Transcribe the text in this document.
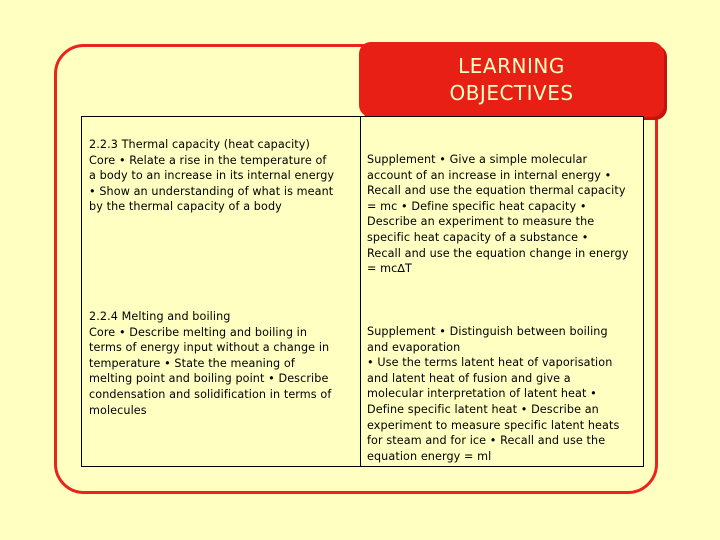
LEARNING
OBJECTIVES
2.2.3 Thermal capacity (heat capacity)
Core • Relate a rise in the temperature of
a body to an increase in its internal energy
• Show an understanding of what is meant
by the thermal capacity of a body
Supplement • Give a simple molecular
account of an increase in internal energy •
Recall and use the equation thermal capacity
= mc • Define specific heat capacity •
Describe an experiment to measure the
specific heat capacity of a substance •
Recall and use the equation change in energy
= mc∆T
2.2.4 Melting and boiling
Core • Describe melting and boiling in
terms of energy input without a change in
temperature • State the meaning of
melting point and boiling point • Describe
condensation and solidification in terms of
molecules
Supplement • Distinguish between boiling
and evaporation
• Use the terms latent heat of vaporisation
and latent heat of fusion and give a
molecular interpretation of latent heat •
Define specific latent heat • Describe an
experiment to measure specific latent heats
for steam and for ice • Recall and use the
equation energy = ml
